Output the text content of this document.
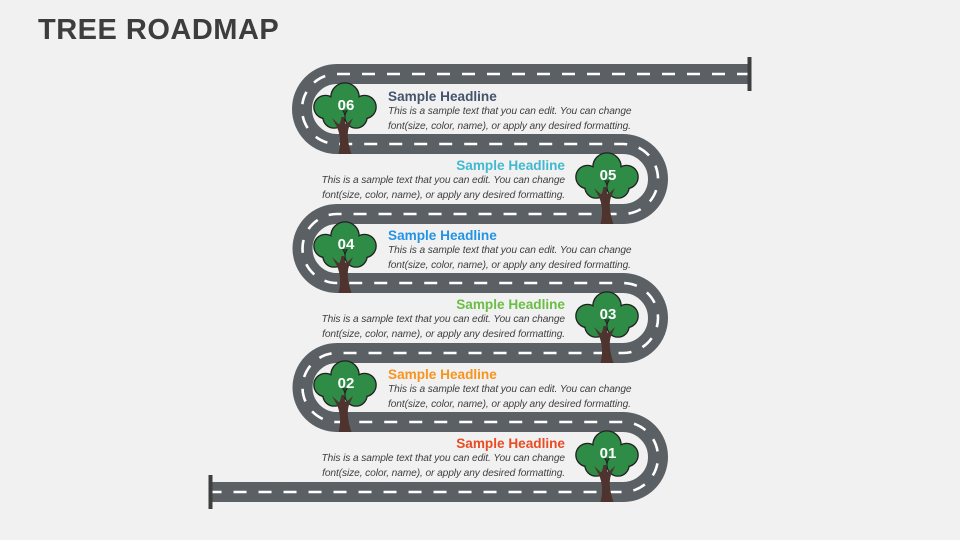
TREE ROADMAP
06
05
04
03
02
01
Sample Headline
This is a sample text that you can edit. You can change
font(size, color, name), or apply any desired formatting.
Sample Headline
This is a sample text that you can edit. You can change
font(size, color, name), or apply any desired formatting.
Sample Headline
This is a sample text that you can edit. You can change
font(size, color, name), or apply any desired formatting.
Sample Headline
This is a sample text that you can edit. You can change
font(size, color, name), or apply any desired formatting.
Sample Headline
This is a sample text that you can edit. You can change
font(size, color, name), or apply any desired formatting.
Sample Headline
This is a sample text that you can edit. You can change
font(size, color, name), or apply any desired formatting.
